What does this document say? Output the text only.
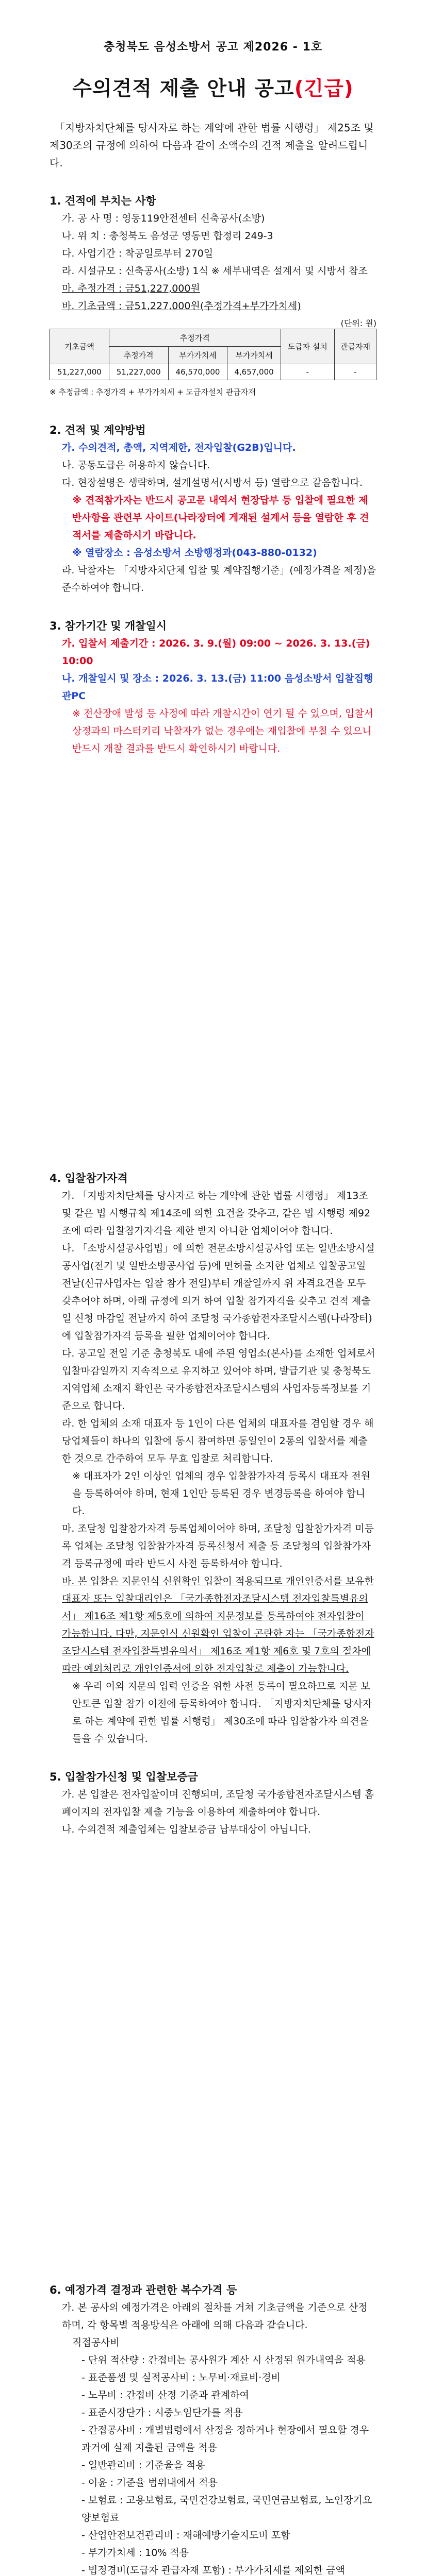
충청북도 음성소방서 공고 제2026 - 1호
수의견적 제출 안내 공고(긴급)
「지방자치단체를 당사자로 하는 계약에 관한 법률 시행령」 제25조 및 제30조의 규정에 의하여 다음과 같이 소액수의 견적 제출을 알려드립니다.

1. 견적에 부치는 사항

가. 공 사 명 : 영동119안전센터 신축공사(소방)

나. 위 치 : 충청북도 음성군 영동면 합정리 249-3

다. 사업기간 : 착공일로부터 270일

라. 시설규모 : 신축공사(소방) 1식 ※ 세부내역은 설계서 및 시방서 참조

마. 추정가격 : 금51,227,000원

바. 기초금액 : 금51,227,000원(추정가격+부가가치세)

(단위: 원)
기초금액	추정가격			도급자 설치	관급자재
	추정가격	부가가치세	부가가치세		
51,227,000	51,227,000	46,570,000	4,657,000	-	-

※ 추정금액 : 추정가격 + 부가가치세 + 도급자설치 관급자재

2. 견적 및 계약방법

가. 수의견적, 총액, 지역제한, 전자입찰(G2B)입니다.

나. 공동도급은 허용하지 않습니다.

다. 현장설명은 생략하며, 설계설명서(시방서 등) 열람으로 갈음합니다.

※ 견적참가자는 반드시 공고문 내역서 현장답부 등 입찰에 필요한 제반사항을 관련부 사이트(나라장터에 게재된 설계서 등을 열람한 후 견적서를 제출하시기 바랍니다.

※ 열람장소 : 음성소방서 소방행정과(043-880-0132)

라. 낙찰자는 「지방자치단체 입찰 및 계약집행기준」(예정가격을 제정)을 준수하여야 합니다.

3. 참가기간 및 개찰일시

가. 입찰서 제출기간 : 2026. 3. 9.(월) 09:00 ~ 2026. 3. 13.(금) 10:00

나. 개찰일시 및 장소 : 2026. 3. 13.(금) 11:00 음성소방서 입찰집행관PC

※ 전산장애 발생 등 사정에 따라 개찰시간이 연기 될 수 있으며, 입찰서 상정과의 마스터키리 낙찰자가 없는 경우에는 재입찰에 부칠 수 있으니 반드시 개찰 결과를 반드시 확인하시기 바랍니다.

4. 입찰참가자격

가. 「지방자치단체를 당사자로 하는 계약에 관한 법률 시행령」 제13조 및 같은 법 시행규칙 제14조에 의한 요건을 갖추고, 같은 법 시행령 제92조에 따라 입찰참가자격을 제한 받지 아니한 업체이어야 합니다.

나. 「소방시설공사업법」에 의한 전문소방시설공사업 또는 일반소방시설공사업(전기 및 일반소방공사업 등)에 면허를 소지한 업체로 입찰공고일 전날(신규사업자는 입찰 참가 전일)부터 개찰일까지 위 자격요건을 모두 갖추어야 하며, 아래 규정에 의거 하여 입찰 참가자격을 갖추고 견적 제출일 신청 마감일 전날까지 하여 조달청 국가종합전자조달시스템(나라장터)에 입찰참가자격 등록을 필한 업체이어야 합니다.

다. 공고일 전일 기준 충청북도 내에 주된 영업소(본사)를 소재한 업체로서 입찰마감일까지 지속적으로 유지하고 있어야 하며, 발급기관 및 충청북도 지역업체 소재지 확인은 국가종합전자조달시스템의 사업자등록정보를 기준으로 합니다.

라. 한 업체의 소재 대표자 등 1인이 다른 업체의 대표자를 겸임할 경우 해당업체들이 하나의 입찰에 동시 참여하면 동일인이 2통의 입찰서를 제출한 것으로 간주하여 모두 무효 입찰로 처리합니다.

※ 대표자가 2인 이상인 업체의 경우 입찰참가자격 등록시 대표자 전원을 등록하여야 하며, 현재 1인만 등록된 경우 변경등록을 하여야 합니다.

마. 조달청 입찰참가자격 등록업체이어야 하며, 조달청 입찰참가자격 미등록 업체는 조달청 입찰참가자격 등록신청서 제출 등 조달청의 입찰참가자격 등록규정에 따라 반드시 사전 등록하셔야 합니다.

바. 본 입찰은 지문인식 신원확인 입찰이 적용되므로 개인인증서를 보유한 대표자 또는 입찰대리인은 「국가종합전자조달시스템 전자입찰특별유의서」 제16조 제1항 제5호에 의하여 지문정보를 등록하여야 전자입찰이 가능합니다. 다만, 지문인식 신원확인 입찰이 곤란한 자는 「국가종합전자조달시스템 전자입찰특별유의서」 제16조 제1항 제6호 및 7호의 절차에 따라 예외처리로 개인인증서에 의한 전자입찰로 제출이 가능합니다.

※ 우리 이외 지문의 입력 인증을 위한 사전 등록이 필요하므로 지문 보안토큰 입찰 참가 이전에 등록하여야 합니다. 「지방자치단체를 당사자로 하는 계약에 관한 법률 시행령」 제30조에 따라 입찰참가자 의견을 들을 수 있습니다.

5. 입찰참가신청 및 입찰보증금

가. 본 입찰은 전자입찰이며 진행되며, 조달청 국가종합전자조달시스템 홈페이지의 전자입찰 제출 기능을 이용하여 제출하여야 합니다.

나. 수의견적 제출업체는 입찰보증금 납부대상이 아닙니다.

6. 예정가격 결정과 관련한 복수가격 등

가. 본 공사의 예정가격은 아래의 절차를 거쳐 기초금액을 기준으로 산정하며, 각 항목별 적용방식은 아래에 의해 다음과 같습니다.

직접공사비

- 단위 적산량 : 간접비는 공사원가 계산 시 산정된 원가내역을 적용

- 표준품셈 및 실적공사비 : 노무비·재료비·경비

- 노무비 : 간접비 산정 기준과 관계하여

- 표준시장단가 : 시중노임단가를 적용

- 간접공사비 : 개별법령에서 산정을 정하거나 현장에서 필요할 경우 과거에 실제 지출된 금액을 적용

- 일반관리비 : 기준율을 적용

- 이윤 : 기준율 범위내에서 적용

- 보험료 : 고용보험료, 국민건강보험료, 국민연금보험료, 노인장기요양보험료

- 산업안전보건관리비 : 재해예방기술지도비 포함

- 부가가치세 : 10% 적용

- 법정경비(도급자 관급자재 포함) : 부가가치세를 제외한 금액
